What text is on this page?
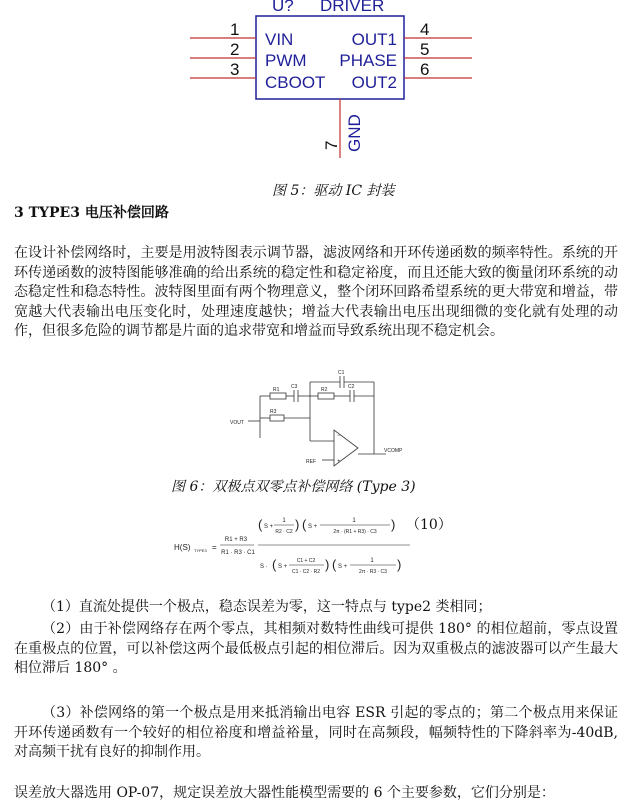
U? DRIVER
1
2
3
4
5
6
VIN
PWM
CBOOT
OUT1
PHASE
OUT2
7 GND
图 5：驱动 IC 封装
3 TYPE3 电压补偿回路
在设计补偿网络时，主要是用波特图表示调节器，滤波网络和开环传递函数的频率特性。系统的开环传递函数的波特图能够准确的给出系统的稳定性和稳定裕度，而且还能大致的衡量闭环系统的动态稳定性和稳态特性。波特图里面有两个物理意义，整个闭环回路希望系统的更大带宽和增益，带宽越大代表输出电压变化时，处理速度越快；增益大代表输出电压出现细微的变化就有处理的动作，但很多危险的调节都是片面的追求带宽和增益而导致系统出现不稳定机会。
−
+
C1
R1 C3	R2	C2
R3
VOUT
REF
VCOMP
图 6：双极点双零点补偿网络 (Type 3)
H(S) TYPE3 =
R1 + R3
R1 · R3 · C1
( S +
1
R2 · C2 ) ( S +
1
2π · (R1 + R3) · C3 )
S · ( S +
C1 + C2
C1 · C2 · R2 ) ( S +
1
2π · R3 · C3 )
（10）
（1）直流处提供一个极点，稳态误差为零，这一特点与 type2 类相同；
（2）由于补偿网络存在两个零点，其相频对数特性曲线可提供 180° 的相位超前，零点设置在重极点的位置，可以补偿这两个最低极点引起的相位滞后。因为双重极点的滤波器可以产生最大相位滞后 180° 。
（3）补偿网络的第一个极点是用来抵消输出电容 ESR 引起的零点的；第二个极点用来保证开环传递函数有一个较好的相位裕度和增益裕量，同时在高频段，幅频特性的下降斜率为-40dB,对高频干扰有良好的抑制作用。
误差放大器选用 OP-07，规定误差放大器性能模型需要的 6 个主要参数，它们分别是：
